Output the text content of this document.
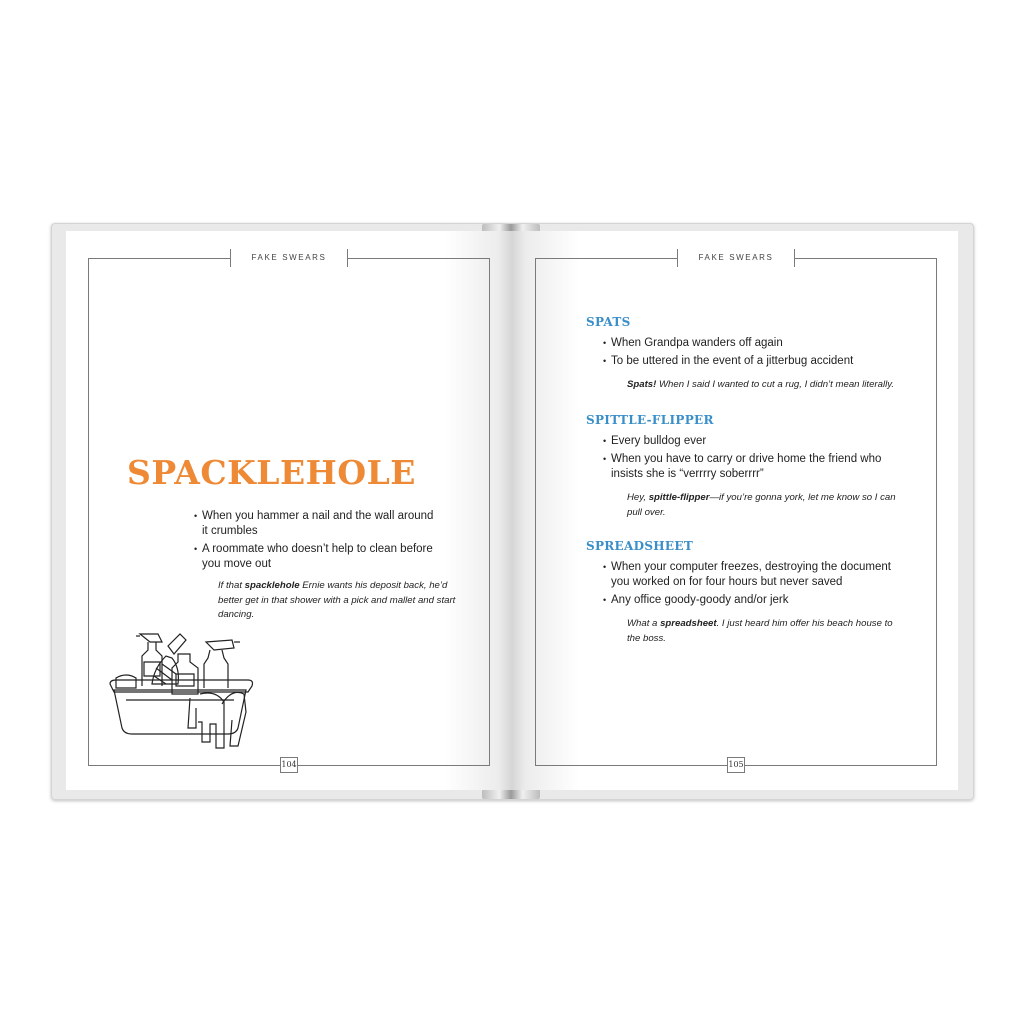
FAKE SWEARS
SPACKLEHOLE
• When you hammer a nail and the wall around it crumbles
• A roommate who doesn’t help to clean before you move out
If that spacklehole Ernie wants his deposit back, he’d better get in that shower with a pick and mallet and start dancing.
104
FAKE SWEARS
SPATS
• When Grandpa wanders off again
• To be uttered in the event of a jitterbug accident
Spats! When I said I wanted to cut a rug, I didn’t mean literally.
SPITTLE-FLIPPER
• Every bulldog ever
• When you have to carry or drive home the friend who insists she is “verrrry soberrrr”
Hey, spittle-flipper—if you’re gonna york, let me know so I can pull over.
SPREADSHEET
• When your computer freezes, destroying the document you worked on for four hours but never saved
• Any office goody-goody and/or jerk
What a spreadsheet. I just heard him offer his beach house to the boss.
105
